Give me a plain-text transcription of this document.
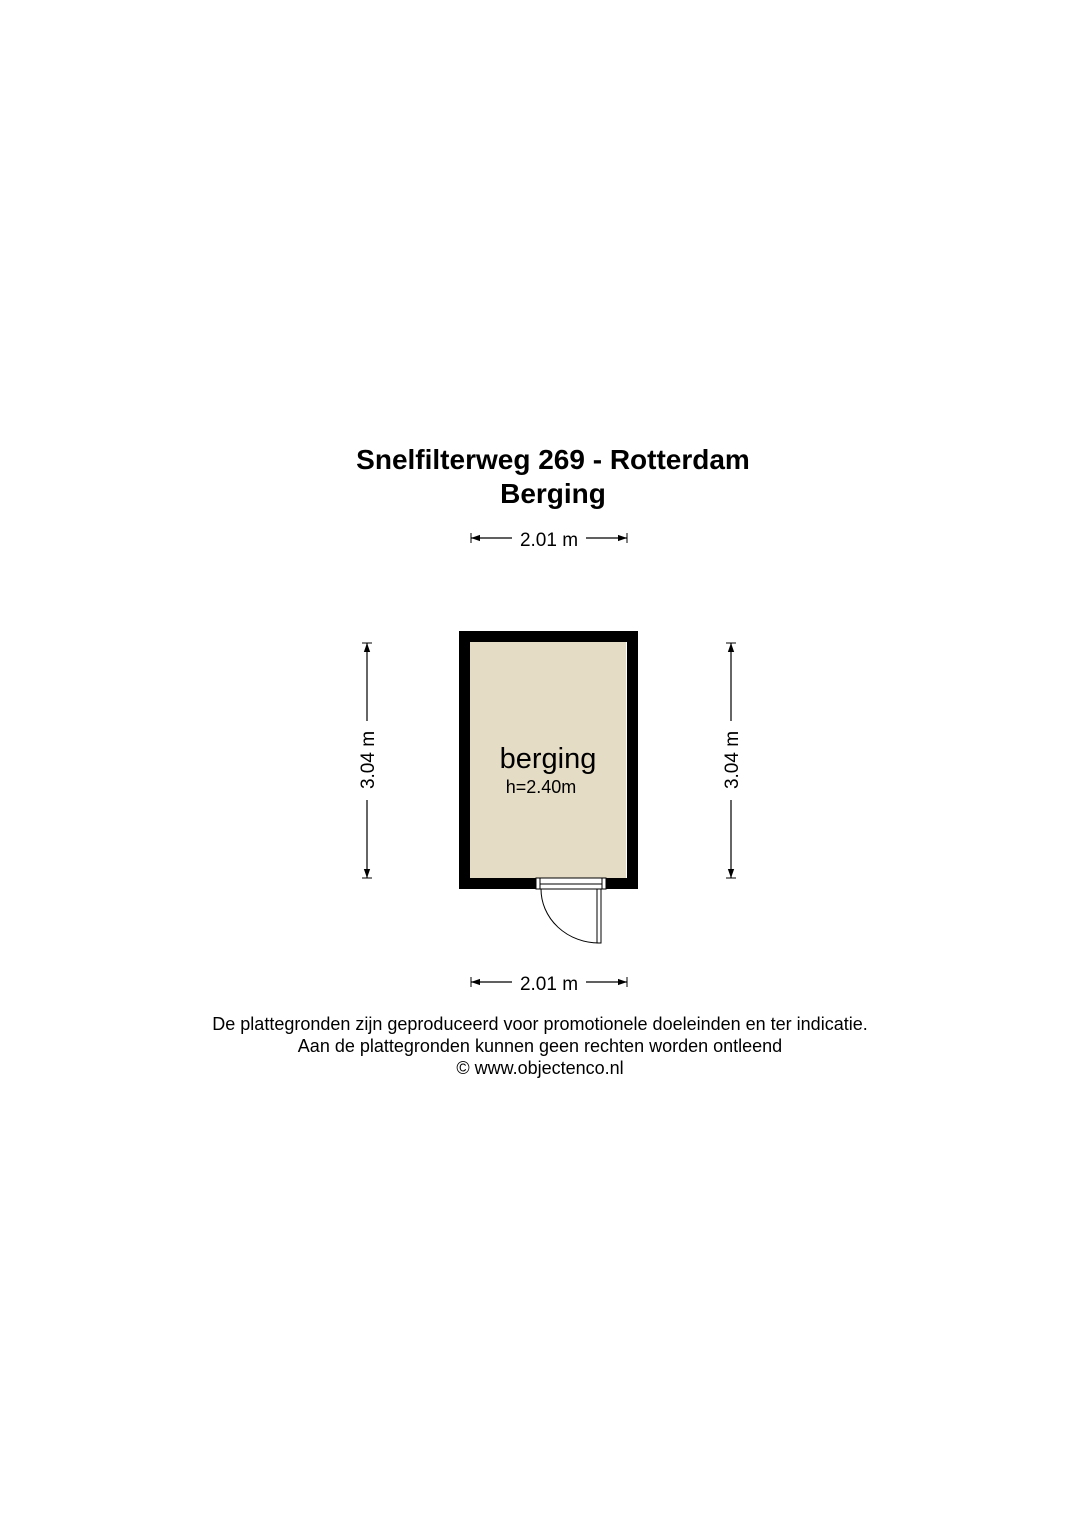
Snelfilterweg 269 - Rotterdam
Berging
2.01 m
3.04 m	3.04 m
berging
h=2.40m
2.01 m
De plattegronden zijn geproduceerd voor promotionele doeleinden en ter indicatie.
Aan de plattegronden kunnen geen rechten worden ontleend
© www.objectenco.nl
